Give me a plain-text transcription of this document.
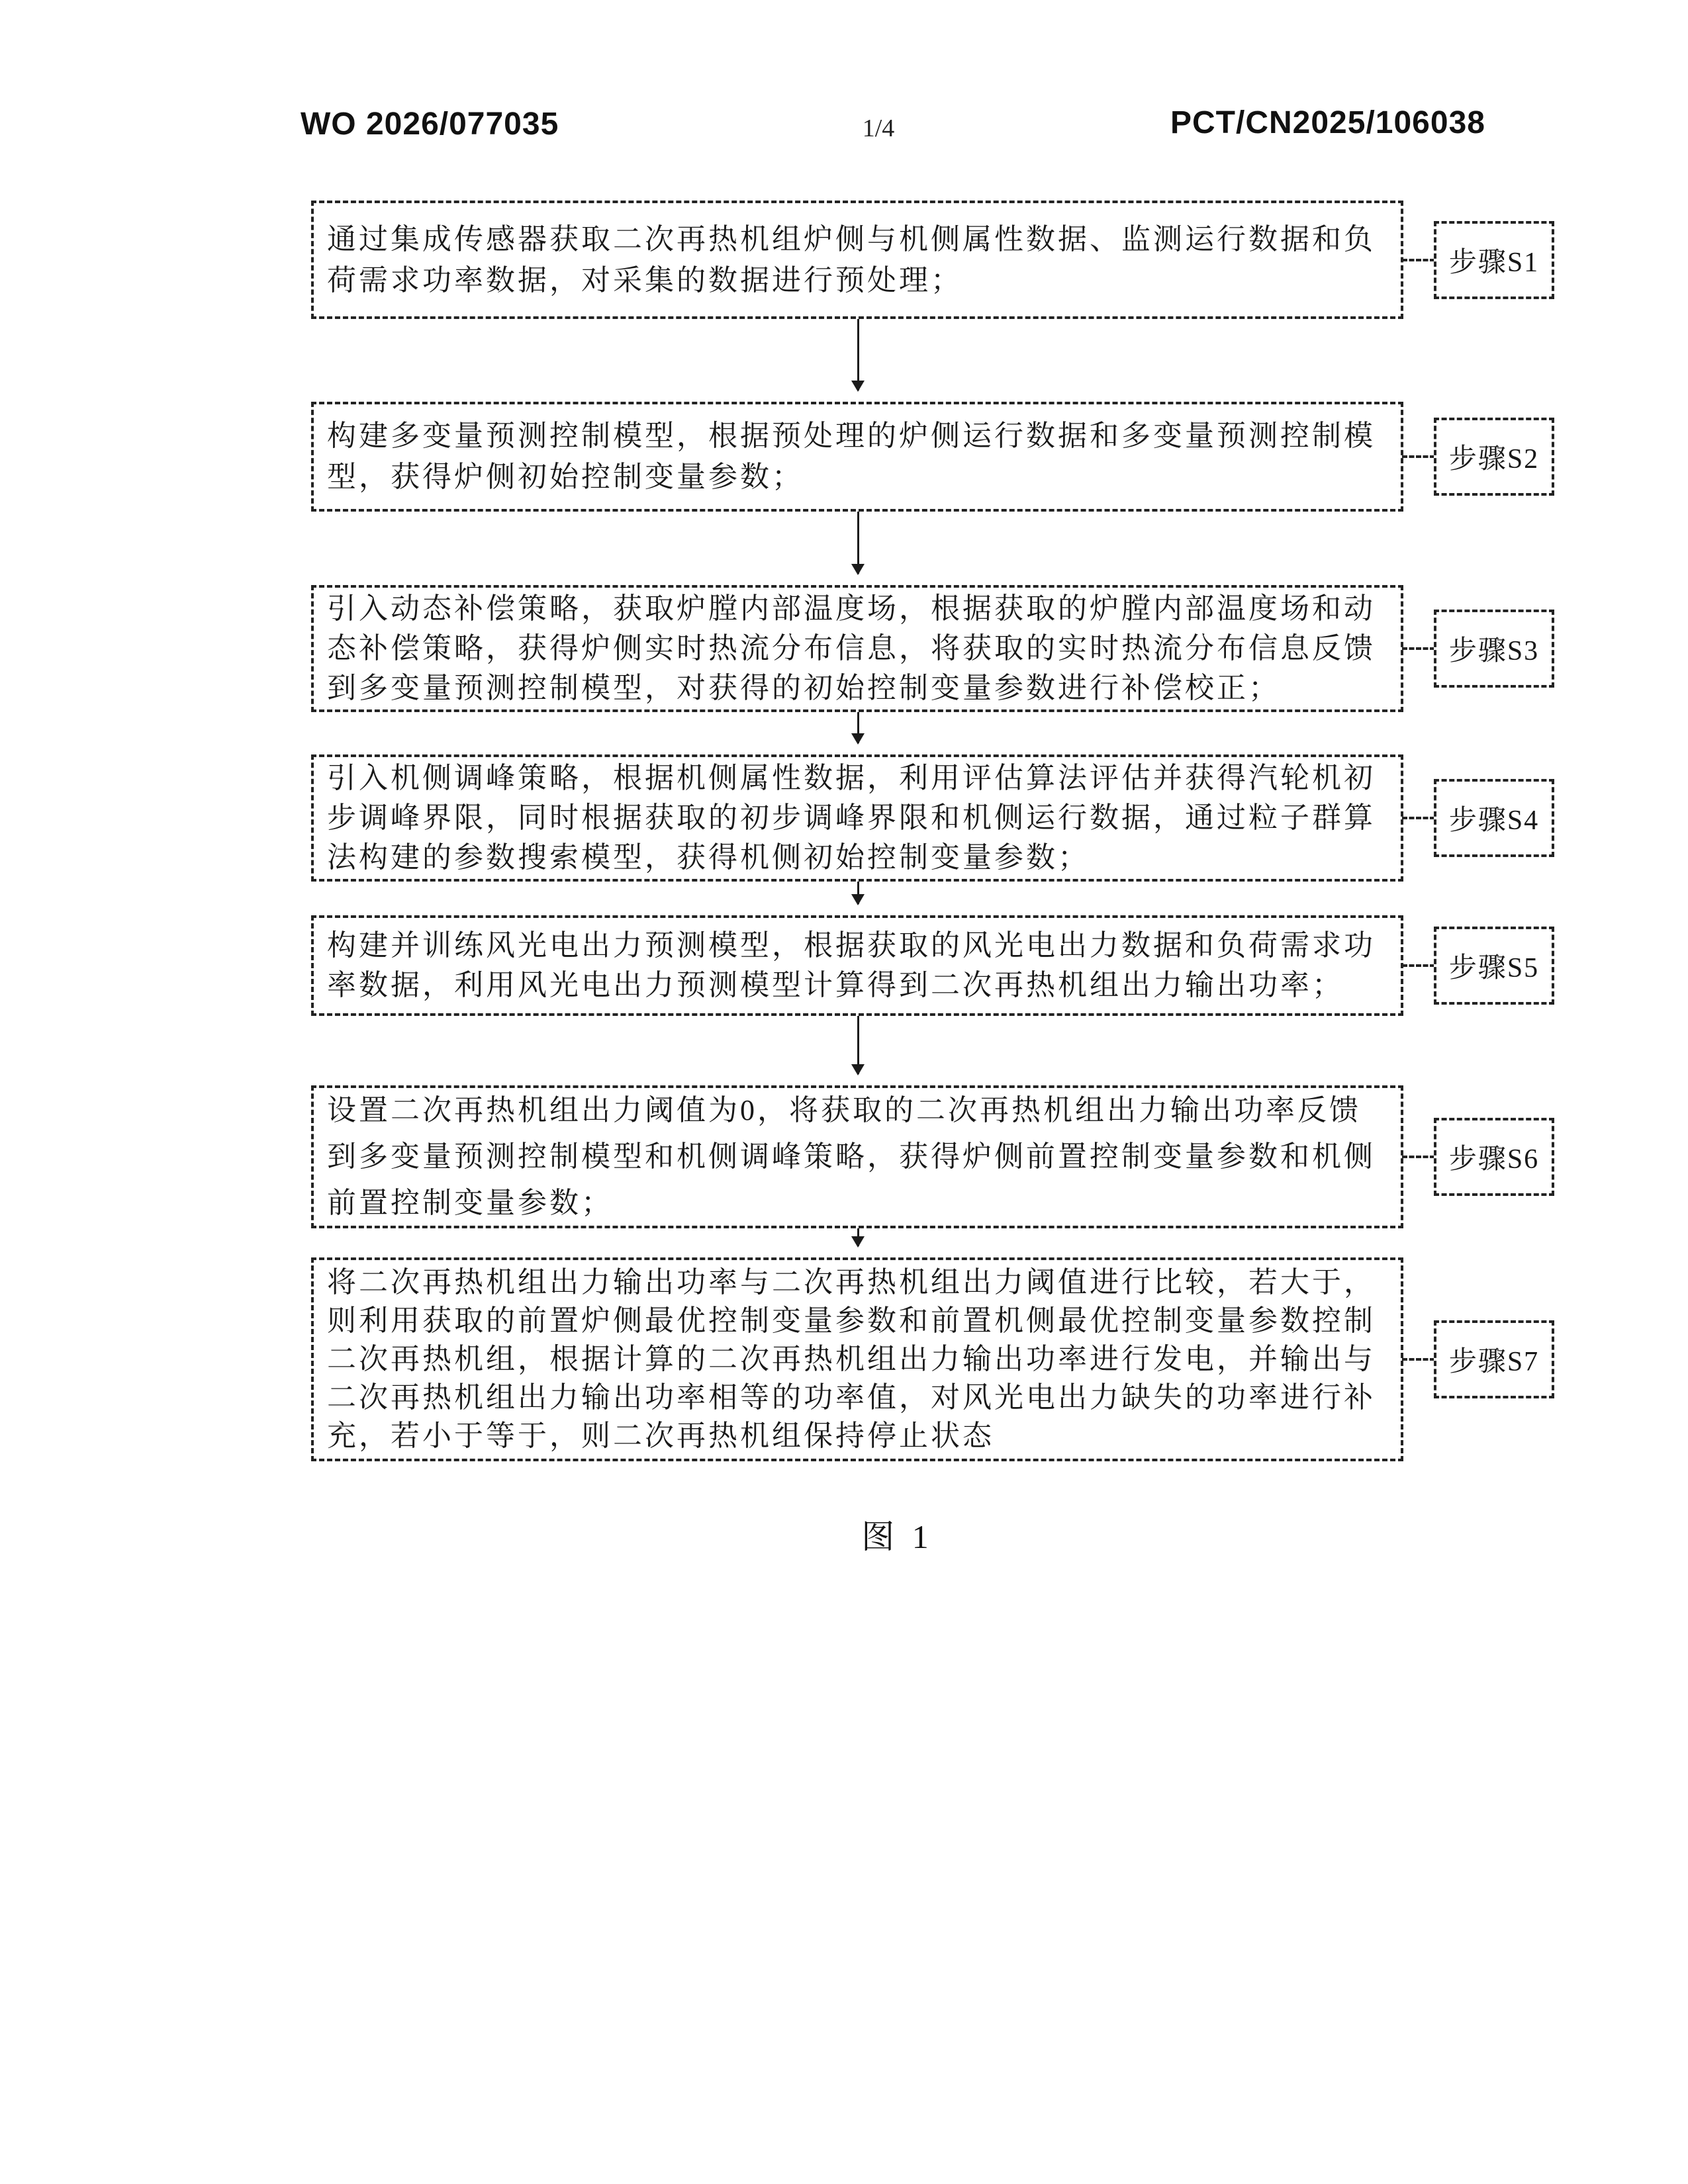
WO 2026/077035	1/4	PCT/CN2025/106038
通过集成传感器获取二次再热机组炉侧与机侧属性数据、监测运行数据和负
荷需求功率数据，对采集的数据进行预处理；
构建多变量预测控制模型，根据预处理的炉侧运行数据和多变量预测控制模
型，获得炉侧初始控制变量参数；
引入动态补偿策略，获取炉膛内部温度场，根据获取的炉膛内部温度场和动
态补偿策略，获得炉侧实时热流分布信息，将获取的实时热流分布信息反馈
到多变量预测控制模型，对获得的初始控制变量参数进行补偿校正；
引入机侧调峰策略，根据机侧属性数据，利用评估算法评估并获得汽轮机初
步调峰界限，同时根据获取的初步调峰界限和机侧运行数据，通过粒子群算
法构建的参数搜索模型，获得机侧初始控制变量参数；
构建并训练风光电出力预测模型，根据获取的风光电出力数据和负荷需求功
率数据，利用风光电出力预测模型计算得到二次再热机组出力输出功率；
设置二次再热机组出力阈值为0，将获取的二次再热机组出力输出功率反馈
到多变量预测控制模型和机侧调峰策略，获得炉侧前置控制变量参数和机侧
前置控制变量参数；
将二次再热机组出力输出功率与二次再热机组出力阈值进行比较，若大于，
则利用获取的前置炉侧最优控制变量参数和前置机侧最优控制变量参数控制
二次再热机组，根据计算的二次再热机组出力输出功率进行发电，并输出与
二次再热机组出力输出功率相等的功率值，对风光电出力缺失的功率进行补
充，若小于等于，则二次再热机组保持停止状态
步骤S1
步骤S2
步骤S3
步骤S4
步骤S5
步骤S6
步骤S7
图 1
